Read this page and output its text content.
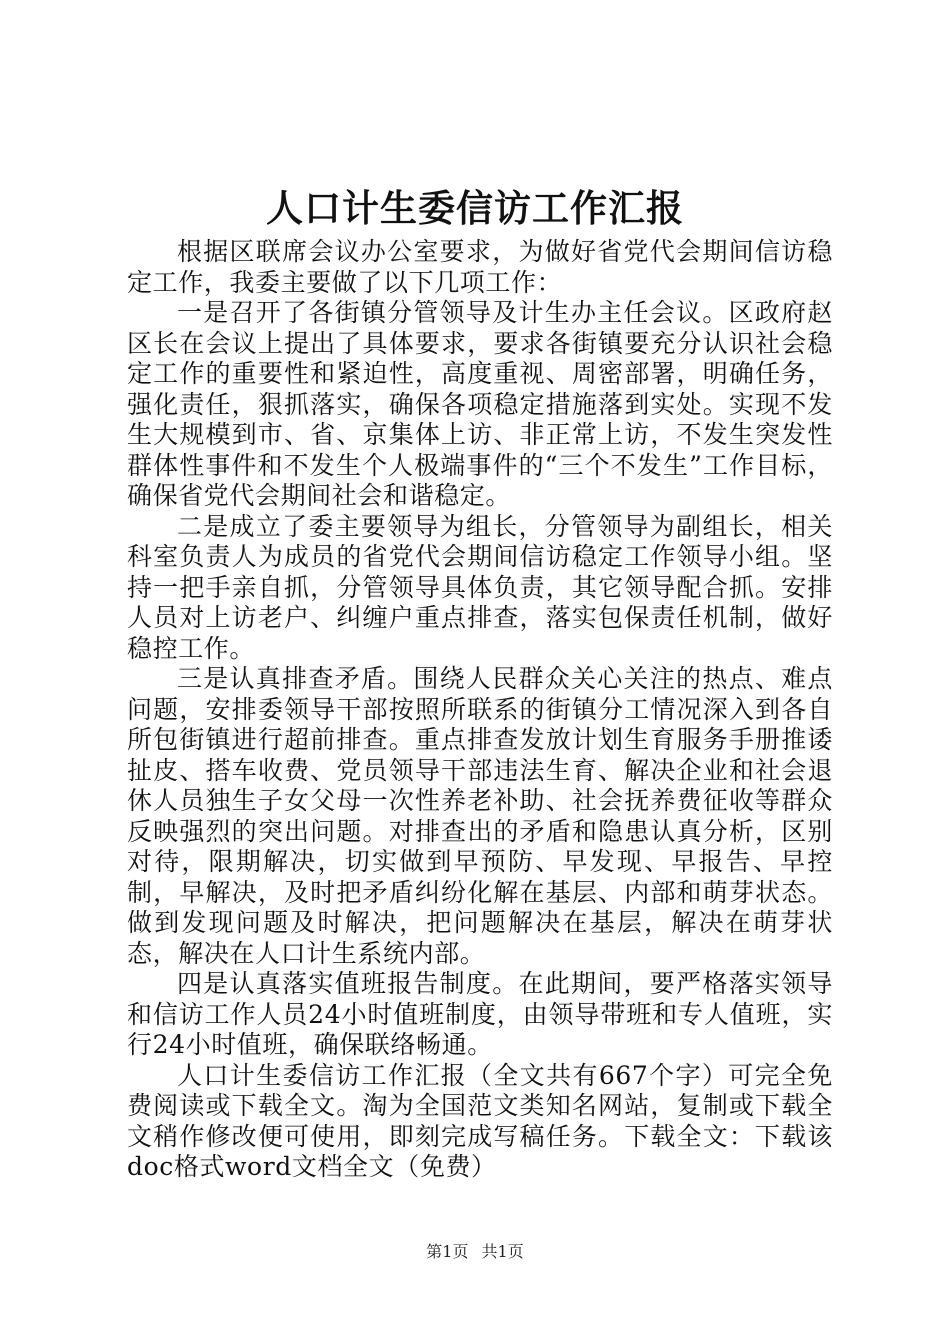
人口计生委信访工作汇报

根据区联席会议办公室要求，为做好省党代会期间信访稳定工作，我委主要做了以下几项工作：

一是召开了各街镇分管领导及计生办主任会议。区政府赵区长在会议上提出了具体要求，要求各街镇要充分认识社会稳定工作的重要性和紧迫性，高度重视、周密部署，明确任务，强化责任，狠抓落实，确保各项稳定措施落到实处。实现不发生大规模到市、省、京集体上访、非正常上访，不发生突发性群体性事件和不发生个人极端事件的“三个不发生”工作目标，确保省党代会期间社会和谐稳定。

二是成立了委主要领导为组长，分管领导为副组长，相关科室负责人为成员的省党代会期间信访稳定工作领导小组。坚持一把手亲自抓，分管领导具体负责，其它领导配合抓。安排人员对上访老户、纠缠户重点排查，落实包保责任机制，做好稳控工作。

三是认真排查矛盾。围绕人民群众关心关注的热点、难点问题，安排委领导干部按照所联系的街镇分工情况深入到各自所包街镇进行超前排查。重点排查发放计划生育服务手册推诿扯皮、搭车收费、党员领导干部违法生育、解决企业和社会退休人员独生子女父母一次性养老补助、社会抚养费征收等群众反映强烈的突出问题。对排查出的矛盾和隐患认真分析，区别对待，限期解决，切实做到早预防、早发现、早报告、早控制，早解决，及时把矛盾纠纷化解在基层、内部和萌芽状态。做到发现问题及时解决，把问题解决在基层，解决在萌芽状态，解决在人口计生系统内部。

四是认真落实值班报告制度。在此期间，要严格落实领导和信访工作人员24小时值班制度，由领导带班和专人值班，实行24小时值班，确保联络畅通。

人口计生委信访工作汇报（全文共有667个字）可完全免费阅读或下载全文。淘为全国范文类知名网站，复制或下载全文稍作修改便可使用，即刻完成写稿任务。下载全文：下载该doc格式word文档全文（免费）

第1页 共1页
